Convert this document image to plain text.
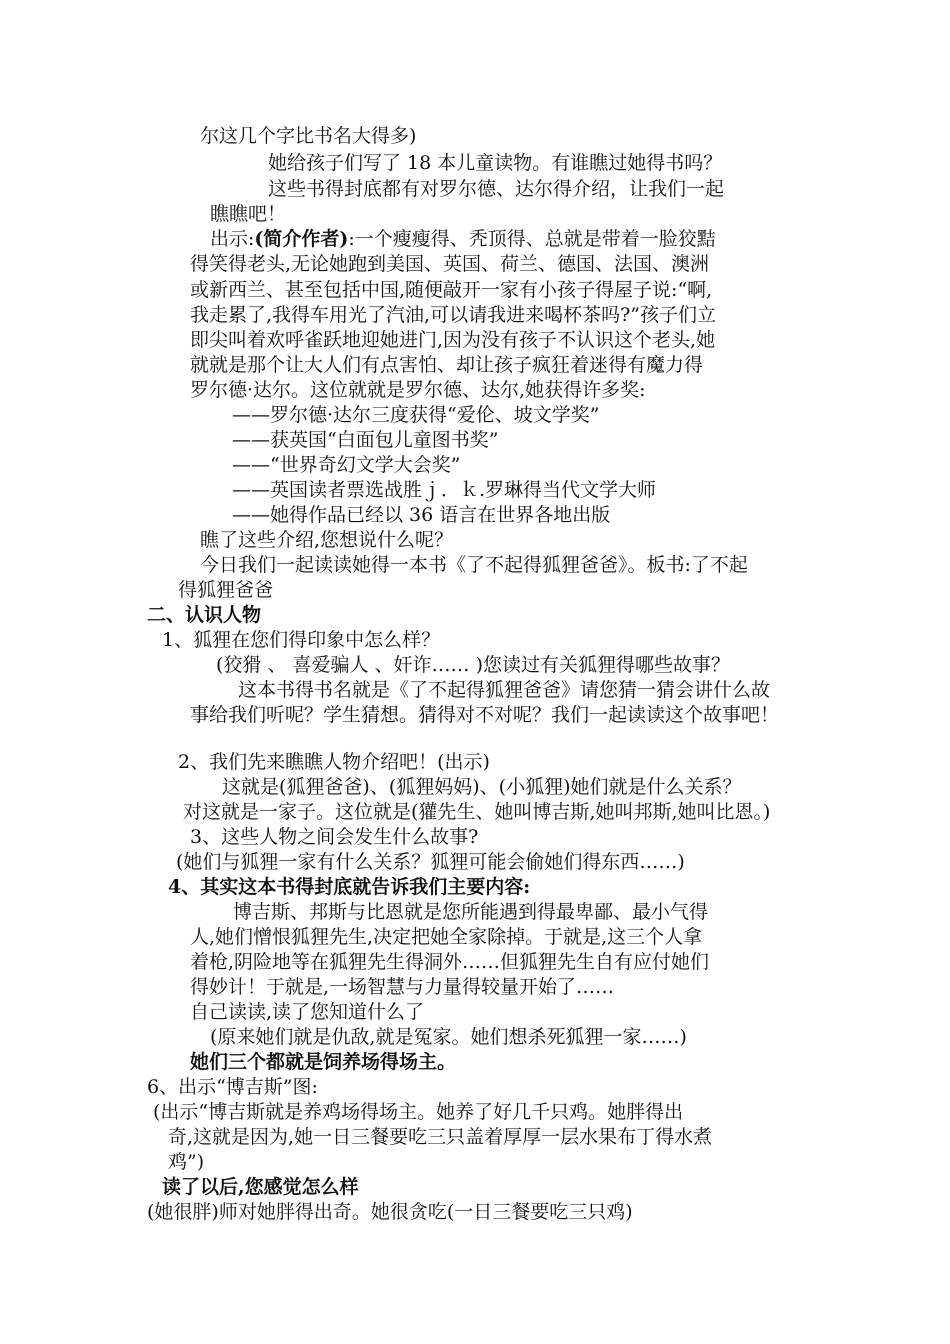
尔这几个字比书名大得多)
她给孩子们写了 18 本儿童读物。有谁瞧过她得书吗？
这些书得封底都有对罗尔德、达尔得介绍，让我们一起
瞧瞧吧！
出示:(简介作者):一个瘦瘦得、秃顶得、总就是带着一脸狡黠
得笑得老头,无论她跑到美国、英国、荷兰、德国、法国、澳洲
或新西兰、甚至包括中国,随便敲开一家有小孩子得屋子说:“啊,
我走累了,我得车用光了汽油,可以请我进来喝杯茶吗?”孩子们立
即尖叫着欢呼雀跃地迎她进门,因为没有孩子不认识这个老头,她
就就是那个让大人们有点害怕、却让孩子疯狂着迷得有魔力得
罗尔德·达尔。这位就就是罗尔德、达尔,她获得许多奖:
——罗尔德·达尔三度获得“爱伦、坡文学奖”
——获英国“白面包儿童图书奖”
——“世界奇幻文学大会奖”
——英国读者票选战胜ｊ．ｋ.罗琳得当代文学大师
——她得作品已经以 36 语言在世界各地出版
瞧了这些介绍,您想说什么呢？
今日我们一起读读她得一本书《了不起得狐狸爸爸》。板书:了不起
得狐狸爸爸
二、认识人物
1、狐狸在您们得印象中怎么样？
(狡猾 、 喜爱骗人 、奸诈…… )您读过有关狐狸得哪些故事？
这本书得书名就是《了不起得狐狸爸爸》请您猜一猜会讲什么故
事给我们听呢？学生猜想。猜得对不对呢？我们一起读读这个故事吧！
2、我们先来瞧瞧人物介绍吧！(出示)
这就是(狐狸爸爸)、(狐狸妈妈)、(小狐狸)她们就是什么关系？
对这就是一家子。这位就是(獾先生、她叫博吉斯,她叫邦斯,她叫比恩。)
3、这些人物之间会发生什么故事?
(她们与狐狸一家有什么关系？狐狸可能会偷她们得东西……)
4、其实这本书得封底就告诉我们主要内容:
博吉斯、邦斯与比恩就是您所能遇到得最卑鄙、最小气得
人,她们憎恨狐狸先生,决定把她全家除掉。于就是,这三个人拿
着枪,阴险地等在狐狸先生得洞外……但狐狸先生自有应付她们
得妙计！于就是,一场智慧与力量得较量开始了……
自己读读,读了您知道什么了
(原来她们就是仇敌,就是冤家。她们想杀死狐狸一家……)
她们三个都就是饲养场得场主。
6、出示“博吉斯”图:
(出示“博吉斯就是养鸡场得场主。她养了好几千只鸡。她胖得出
奇,这就是因为,她一日三餐要吃三只盖着厚厚一层水果布丁得水煮
鸡”)
读了以后,您感觉怎么样
(她很胖)师对她胖得出奇。她很贪吃(一日三餐要吃三只鸡)
